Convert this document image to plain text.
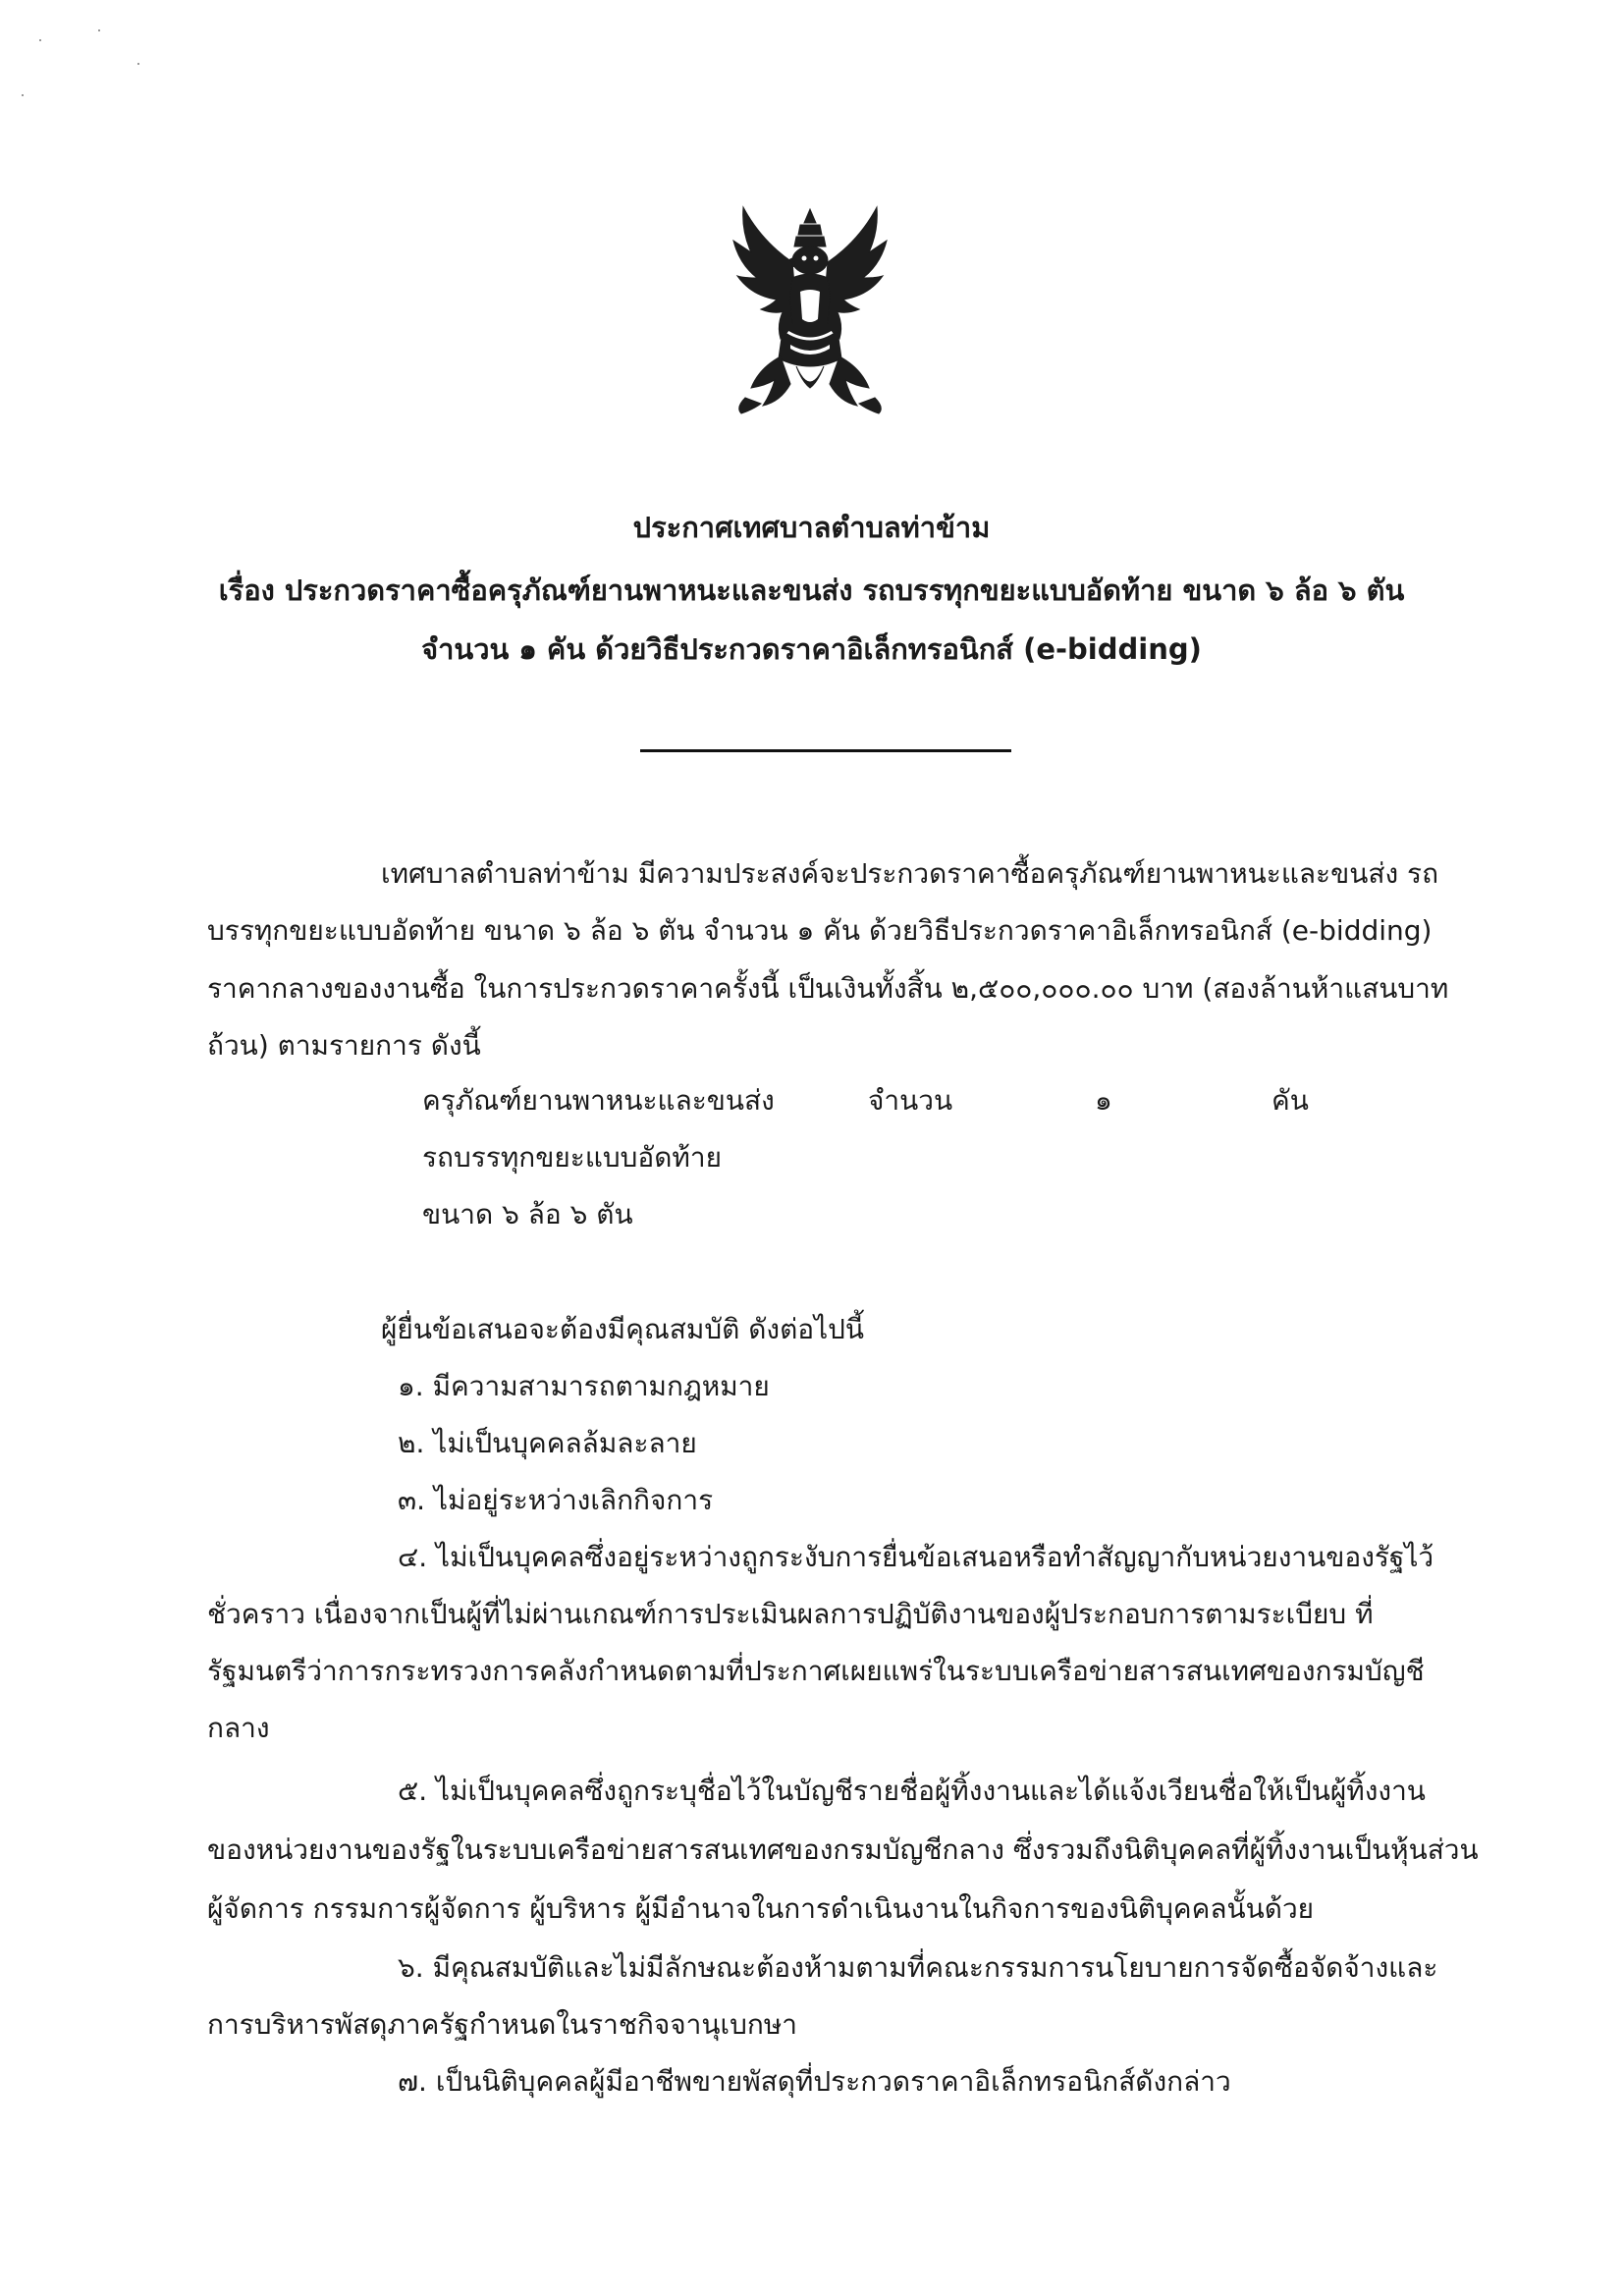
ประกาศเทศบาลตำบลท่าข้าม
เรื่อง ประกวดราคาซื้อครุภัณฑ์ยานพาหนะและขนส่ง รถบรรทุกขยะแบบอัดท้าย ขนาด ๖ ล้อ ๖ ตัน
จำนวน ๑ คัน ด้วยวิธีประกวดราคาอิเล็กทรอนิกส์ (e-bidding)
เทศบาลตำบลท่าข้าม มีความประสงค์จะประกวดราคาซื้อครุภัณฑ์ยานพาหนะและขนส่ง รถ
บรรทุกขยะแบบอัดท้าย ขนาด ๖ ล้อ ๖ ตัน จำนวน ๑ คัน ด้วยวิธีประกวดราคาอิเล็กทรอนิกส์ (e-bidding)
ราคากลางของงานซื้อ ในการประกวดราคาครั้งนี้ เป็นเงินทั้งสิ้น ๒,๕๐๐,๐๐๐.๐๐ บาท (สองล้านห้าแสนบาท
ถ้วน) ตามรายการ ดังนี้
ครุภัณฑ์ยานพาหนะและขนส่ง
รถบรรทุกขยะแบบอัดท้าย
ขนาด ๖ ล้อ ๖ ตัน
จำนวน	๑	คัน
ผู้ยื่นข้อเสนอจะต้องมีคุณสมบัติ ดังต่อไปนี้
๑. มีความสามารถตามกฎหมาย
๒. ไม่เป็นบุคคลล้มละลาย
๓. ไม่อยู่ระหว่างเลิกกิจการ
๔. ไม่เป็นบุคคลซึ่งอยู่ระหว่างถูกระงับการยื่นข้อเสนอหรือทำสัญญากับหน่วยงานของรัฐไว้
ชั่วคราว เนื่องจากเป็นผู้ที่ไม่ผ่านเกณฑ์การประเมินผลการปฏิบัติงานของผู้ประกอบการตามระเบียบ ที่
รัฐมนตรีว่าการกระทรวงการคลังกำหนดตามที่ประกาศเผยแพร่ในระบบเครือข่ายสารสนเทศของกรมบัญชี
กลาง
๕. ไม่เป็นบุคคลซึ่งถูกระบุชื่อไว้ในบัญชีรายชื่อผู้ทิ้งงานและได้แจ้งเวียนชื่อให้เป็นผู้ทิ้งงาน
ของหน่วยงานของรัฐในระบบเครือข่ายสารสนเทศของกรมบัญชีกลาง ซึ่งรวมถึงนิติบุคคลที่ผู้ทิ้งงานเป็นหุ้นส่วน
ผู้จัดการ กรรมการผู้จัดการ ผู้บริหาร ผู้มีอำนาจในการดำเนินงานในกิจการของนิติบุคคลนั้นด้วย
๖. มีคุณสมบัติและไม่มีลักษณะต้องห้ามตามที่คณะกรรมการนโยบายการจัดซื้อจัดจ้างและ
การบริหารพัสดุภาครัฐกำหนดในราชกิจจานุเบกษา
๗. เป็นนิติบุคคลผู้มีอาชีพขายพัสดุที่ประกวดราคาอิเล็กทรอนิกส์ดังกล่าว
